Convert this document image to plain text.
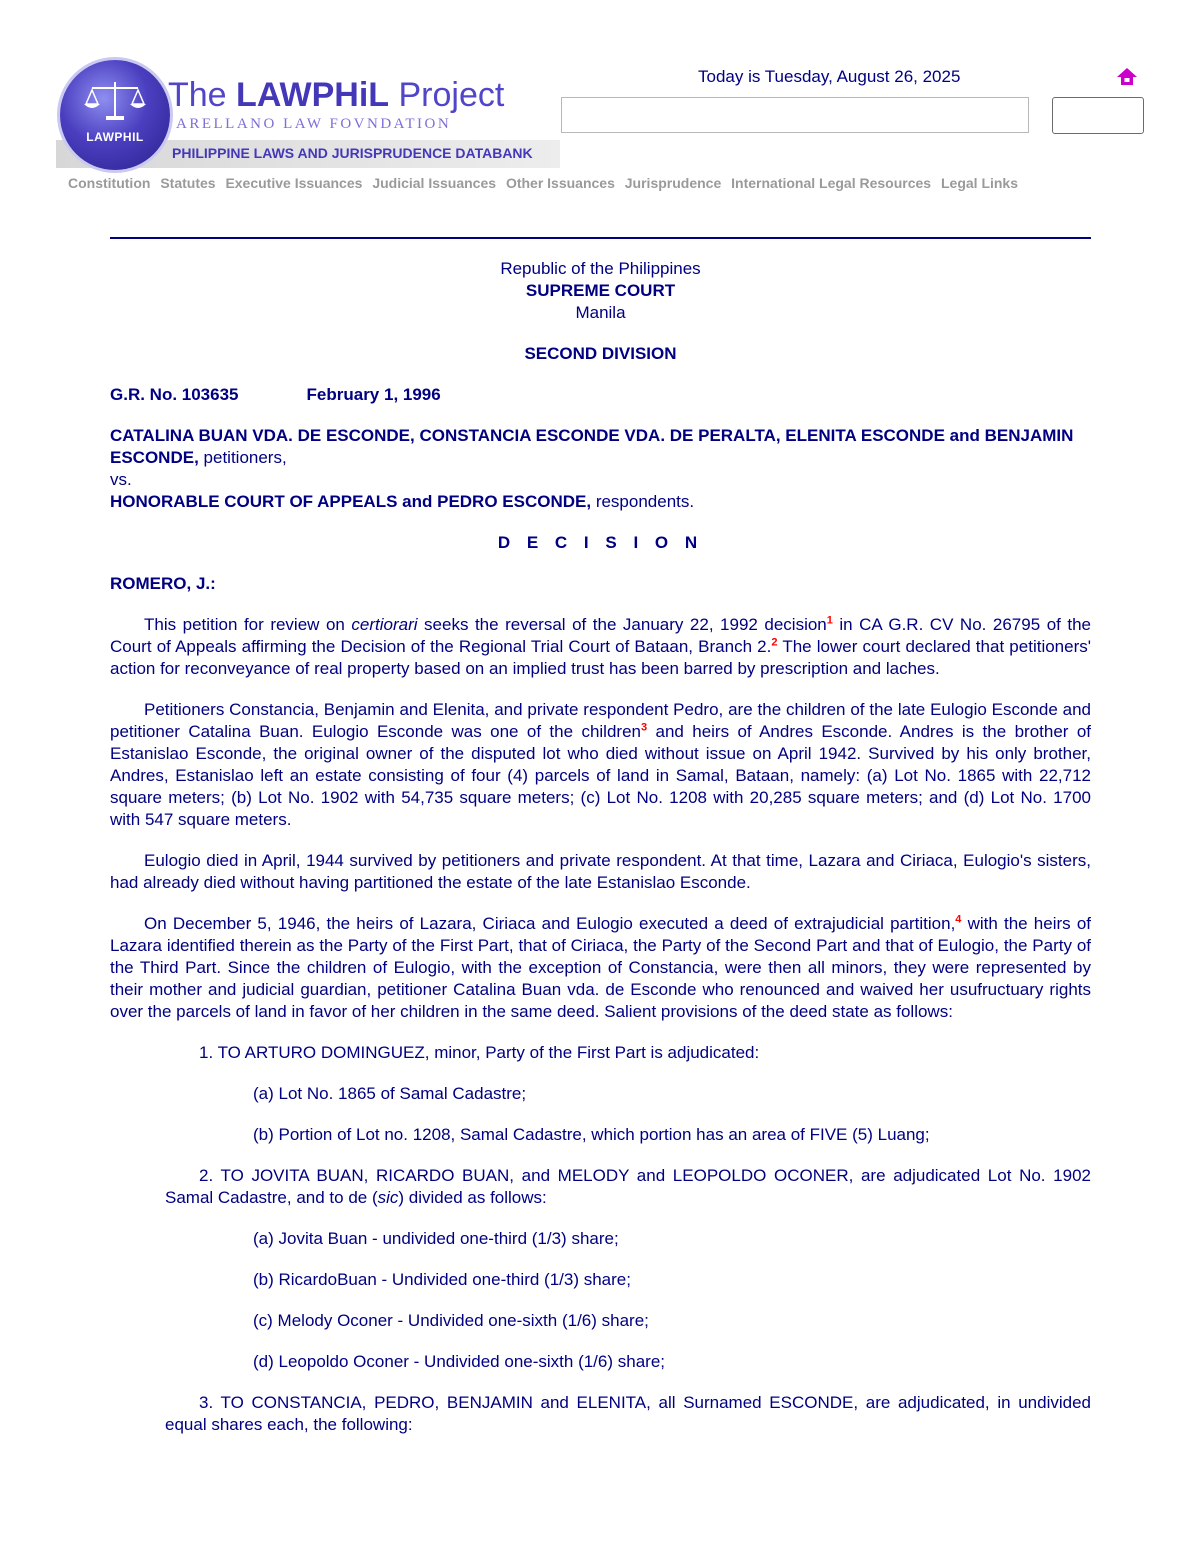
PHILIPPINE LAWS AND JURISPRUDENCE DATABANK
LAWPHIL
The LAWPHiL Project
ARELLANO LAW FOVNDATION
Today is Tuesday, August 26, 2025
Constitution Statutes Executive Issuances Judicial Issuances Other Issuances Jurisprudence International Legal Resources Legal Links
Republic of the Philippines
SUPREME COURT
Manila
SECOND DIVISION
G.R. No. 103635	February 1, 1996
CATALINA BUAN VDA. DE ESCONDE, CONSTANCIA ESCONDE VDA. DE PERALTA, ELENITA ESCONDE and BENJAMIN ESCONDE, petitioners,
vs.
HONORABLE COURT OF APPEALS and PEDRO ESCONDE, respondents.
D E C I S I O N
ROMERO, J.:

This petition for review on certiorari seeks the reversal of the January 22, 1992 decision$^1$ in CA G.R. CV No. 26795 of the Court of Appeals affirming the Decision of the Regional Trial Court of Bataan, Branch 2.$^2$ The lower court declared that petitioners' action for reconveyance of real property based on an implied trust has been barred by prescription and laches.

Petitioners Constancia, Benjamin and Elenita, and private respondent Pedro, are the children of the late Eulogio Esconde and petitioner Catalina Buan. Eulogio Esconde was one of the children$^3$ and heirs of Andres Esconde. Andres is the brother of Estanislao Esconde, the original owner of the disputed lot who died without issue on April 1942. Survived by his only brother, Andres, Estanislao left an estate consisting of four (4) parcels of land in Samal, Bataan, namely: (a) Lot No. 1865 with 22,712 square meters; (b) Lot No. 1902 with 54,735 square meters; (c) Lot No. 1208 with 20,285 square meters; and (d) Lot No. 1700 with 547 square meters.

Eulogio died in April, 1944 survived by petitioners and private respondent. At that time, Lazara and Ciriaca, Eulogio's sisters, had already died without having partitioned the estate of the late Estanislao Esconde.

On December 5, 1946, the heirs of Lazara, Ciriaca and Eulogio executed a deed of extrajudicial partition,$^4$ with the heirs of Lazara identified therein as the Party of the First Part, that of Ciriaca, the Party of the Second Part and that of Eulogio, the Party of the Third Part. Since the children of Eulogio, with the exception of Constancia, were then all minors, they were represented by their mother and judicial guardian, petitioner Catalina Buan vda. de Esconde who renounced and waived her usufructuary rights over the parcels of land in favor of her children in the same deed. Salient provisions of the deed state as follows:

1. TO ARTURO DOMINGUEZ, minor, Party of the First Part is adjudicated:

(a) Lot No. 1865 of Samal Cadastre;

(b) Portion of Lot no. 1208, Samal Cadastre, which portion has an area of FIVE (5) Luang;

2. TO JOVITA BUAN, RICARDO BUAN, and MELODY and LEOPOLDO OCONER, are adjudicated Lot No. 1902 Samal Cadastre, and to de (sic) divided as follows:

(a) Jovita Buan - undivided one-third (1/3) share;

(b) RicardoBuan - Undivided one-third (1/3) share;

(c) Melody Oconer - Undivided one-sixth (1/6) share;

(d) Leopoldo Oconer - Undivided one-sixth (1/6) share;

3. TO CONSTANCIA, PEDRO, BENJAMIN and ELENITA, all Surnamed ESCONDE, are adjudicated, in undivided equal shares each, the following:
